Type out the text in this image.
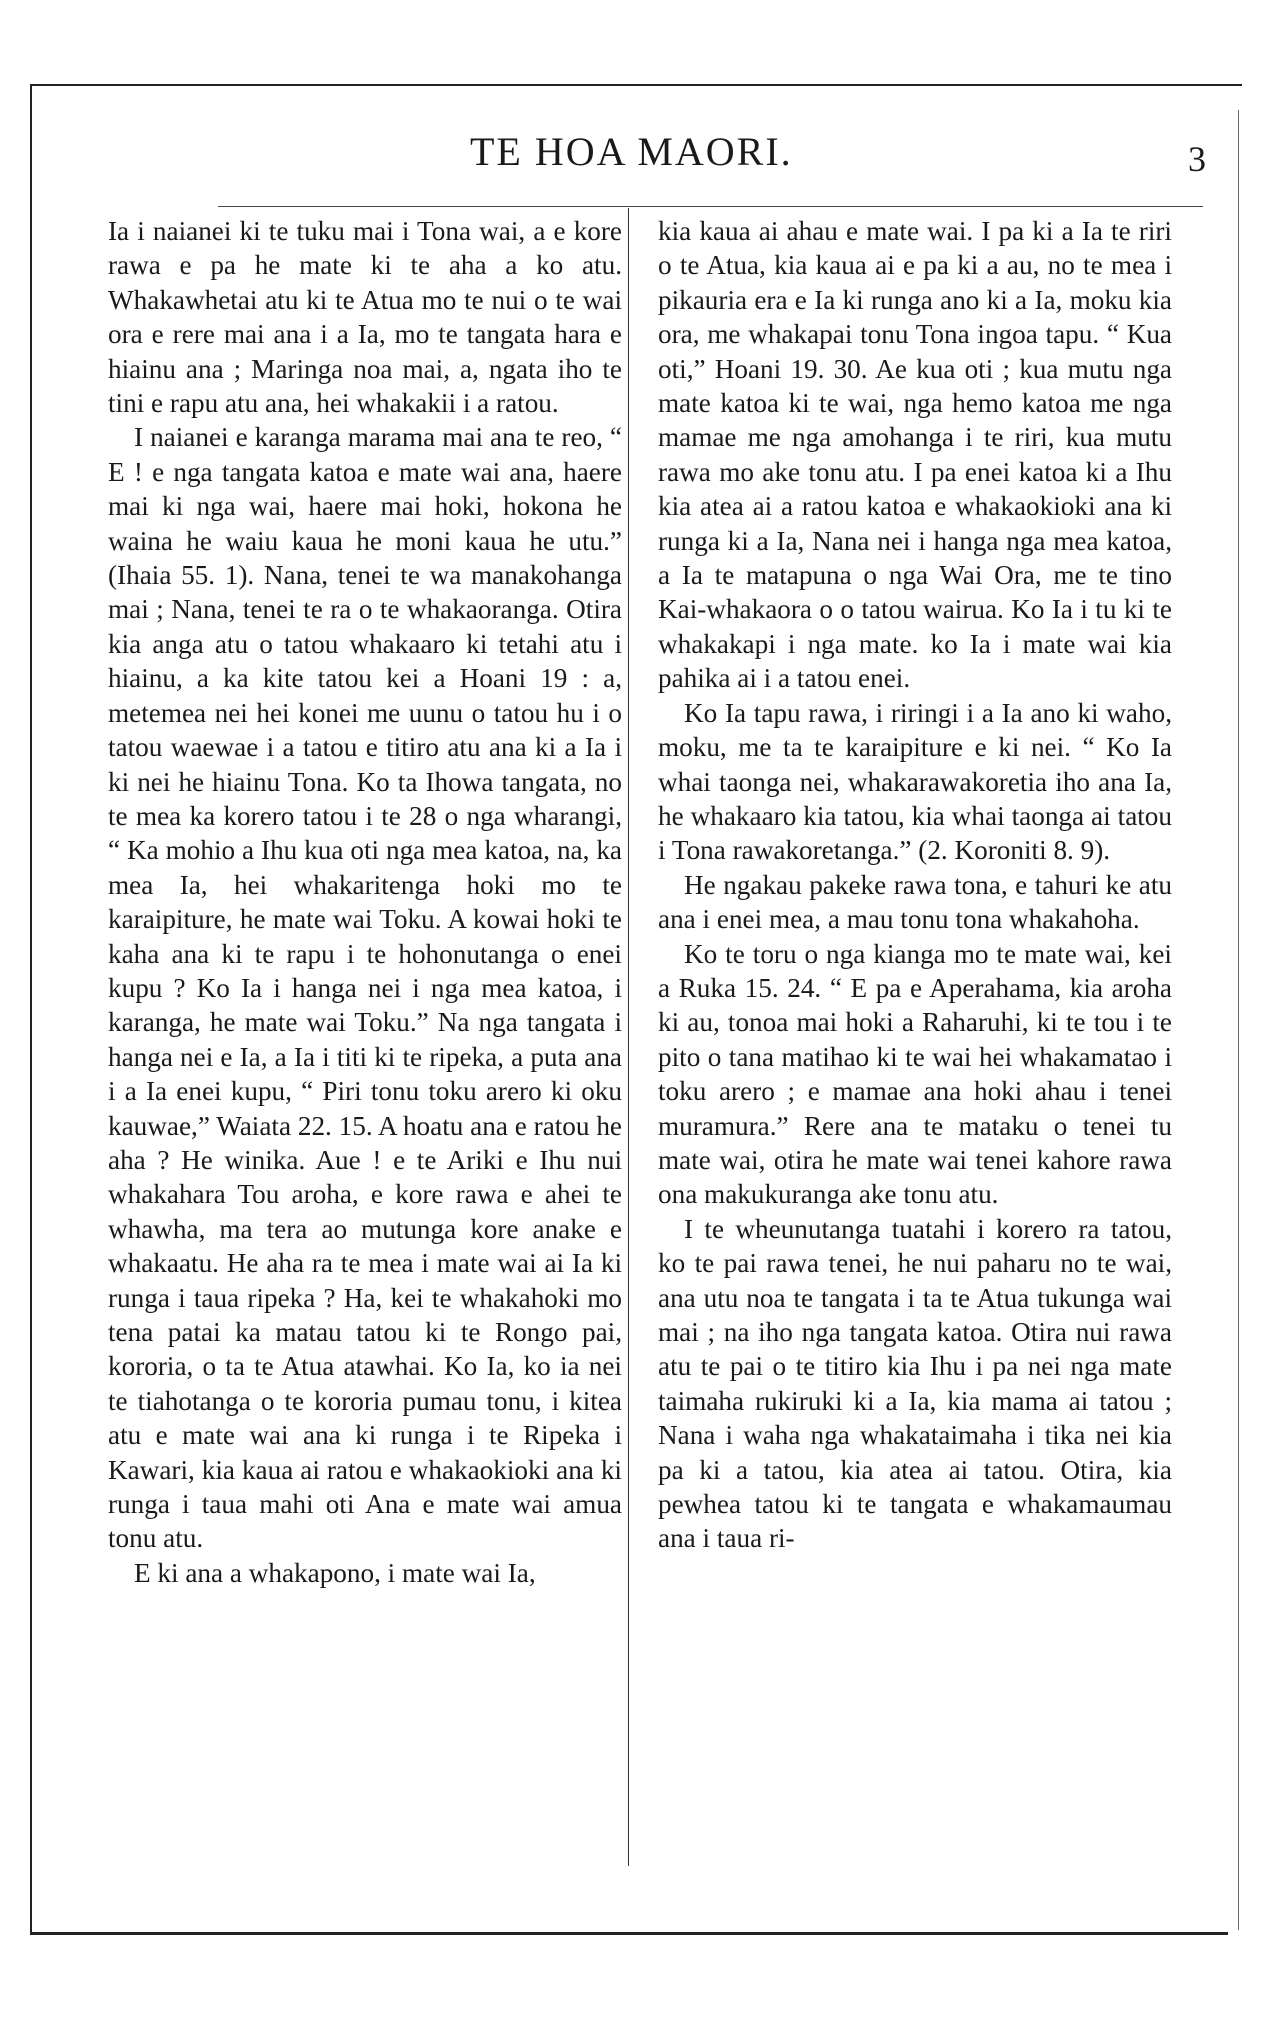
TE HOA MAORI.	3

Ia i naianei ki te tuku mai i Tona wai, a e kore rawa e pa he mate ki te aha a ko atu. Whakawhetai atu ki te Atua mo te nui o te wai ora e rere mai ana i a Ia, mo te tangata hara e hiainu ana ; Maringa noa mai, a, ngata iho te tini e rapu atu ana, hei whakakii i a ratou.

I naianei e karanga marama mai ana te reo, “ E ! e nga tangata katoa e mate wai ana, haere mai ki nga wai, haere mai hoki, hokona he waina he waiu kaua he moni kaua he utu.” (Ihaia 55. 1). Nana, tenei te wa manakohanga mai ; Nana, tenei te ra o te whakaoranga. Otira kia anga atu o tatou whakaaro ki tetahi atu i hiainu, a ka kite tatou kei a Hoani 19 : a, metemea nei hei konei me uunu o tatou hu i o tatou waewae i a tatou e titiro atu ana ki a Ia i ki nei he hiainu Tona. Ko ta Ihowa tangata, no te mea ka korero tatou i te 28 o nga wharangi, “ Ka mohio a Ihu kua oti nga mea katoa, na, ka mea Ia, hei whakaritenga hoki mo te karaipiture, he mate wai Toku. A kowai hoki te kaha ana ki te rapu i te hohonutanga o enei kupu ? Ko Ia i hanga nei i nga mea katoa, i karanga, he mate wai Toku.” Na nga tangata i hanga nei e Ia, a Ia i titi ki te ripeka, a puta ana i a Ia enei kupu, “ Piri tonu toku arero ki oku kauwae,” Waiata 22. 15. A hoatu ana e ratou he aha ? He winika. Aue ! e te Ariki e Ihu nui whakahara Tou aroha, e kore rawa e ahei te whawha, ma tera ao mutunga kore anake e whakaatu. He aha ra te mea i mate wai ai Ia ki runga i taua ripeka ? Ha, kei te whakahoki mo tena patai ka matau tatou ki te Rongo pai, kororia, o ta te Atua atawhai. Ko Ia, ko ia nei te tiahotanga o te kororia pumau tonu, i kitea atu e mate wai ana ki runga i te Ripeka i Kawari, kia kaua ai ratou e whakaokioki ana ki runga i taua mahi oti Ana e mate wai amua tonu atu.

E ki ana a whakapono, i mate wai Ia,

kia kaua ai ahau e mate wai. I pa ki a Ia te riri o te Atua, kia kaua ai e pa ki a au, no te mea i pikauria era e Ia ki runga ano ki a Ia, moku kia ora, me whakapai tonu Tona ingoa tapu. “ Kua oti,” Hoani 19. 30. Ae kua oti ; kua mutu nga mate katoa ki te wai, nga hemo katoa me nga mamae me nga amohanga i te riri, kua mutu rawa mo ake tonu atu. I pa enei katoa ki a Ihu kia atea ai a ratou katoa e whakaokioki ana ki runga ki a Ia, Nana nei i hanga nga mea katoa, a Ia te matapuna o nga Wai Ora, me te tino Kai-whakaora o o tatou wairua. Ko Ia i tu ki te whakakapi i nga mate. ko Ia i mate wai kia pahika ai i a tatou enei.

Ko Ia tapu rawa, i riringi i a Ia ano ki waho, moku, me ta te karaipiture e ki nei. “ Ko Ia whai taonga nei, whakarawakoretia iho ana Ia, he whakaaro kia tatou, kia whai taonga ai tatou i Tona rawakoretanga.” (2. Koroniti 8. 9).

He ngakau pakeke rawa tona, e tahuri ke atu ana i enei mea, a mau tonu tona whakahoha.

Ko te toru o nga kianga mo te mate wai, kei a Ruka 15. 24. “ E pa e Aperahama, kia aroha ki au, tonoa mai hoki a Raharuhi, ki te tou i te pito o tana matihao ki te wai hei whakamatao i toku arero ; e mamae ana hoki ahau i tenei muramura.” Rere ana te mataku o tenei tu mate wai, otira he mate wai tenei kahore rawa ona makukuranga ake tonu atu.

I te wheunutanga tuatahi i korero ra tatou, ko te pai rawa tenei, he nui paharu no te wai, ana utu noa te tangata i ta te Atua tukunga wai mai ; na iho nga tangata katoa. Otira nui rawa atu te pai o te titiro kia Ihu i pa nei nga mate taimaha rukiruki ki a Ia, kia mama ai tatou ; Nana i waha nga whakataimaha i tika nei kia pa ki a tatou, kia atea ai tatou. Otira, kia pewhea tatou ki te tangata e whakamaumau ana i taua ri-
